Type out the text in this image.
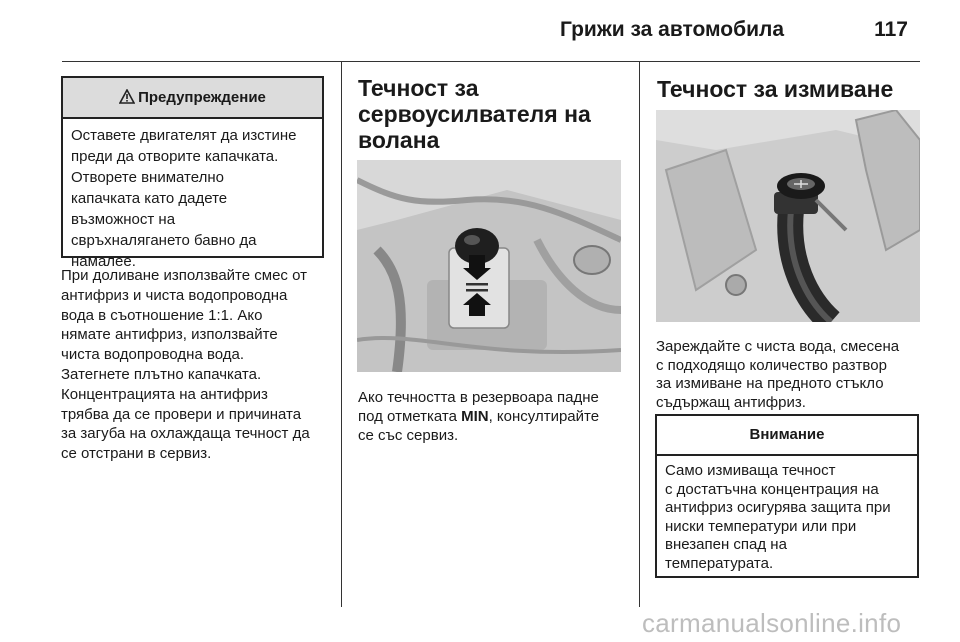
Грижи за автомобила	117
Предупреждение
Оставете двигателят да изстине
преди да отворите капачката.
Отворете внимателно
капачката като дадете
възможност на
свръхналягането бавно да
намалее.
При доливане използвайте смес от
антифриз и чиста водопроводна
вода в съотношение 1:1. Ако
нямате антифриз, използвайте
чиста водопроводна вода.
Затегнете плътно капачката.
Концентрацията на антифриз
трябва да се провери и причината
за загуба на охлаждаща течност да
се отстрани в сервиз.
Течност за
сервоусилвателя на
волана
Ако течността в резервоара падне
под отметката MIN, консултирайте
се със сервиз.
Течност за измиване
Зареждайте с чиста вода, смесена
с подходящо количество разтвор
за измиване на предното стъкло
съдържащ антифриз.
Внимание
Само измиваща течност
с достатъчна концентрация на
антифриз осигурява защита при
ниски температури или при
внезапен спад на
температурата.
carmanualsonline.info
